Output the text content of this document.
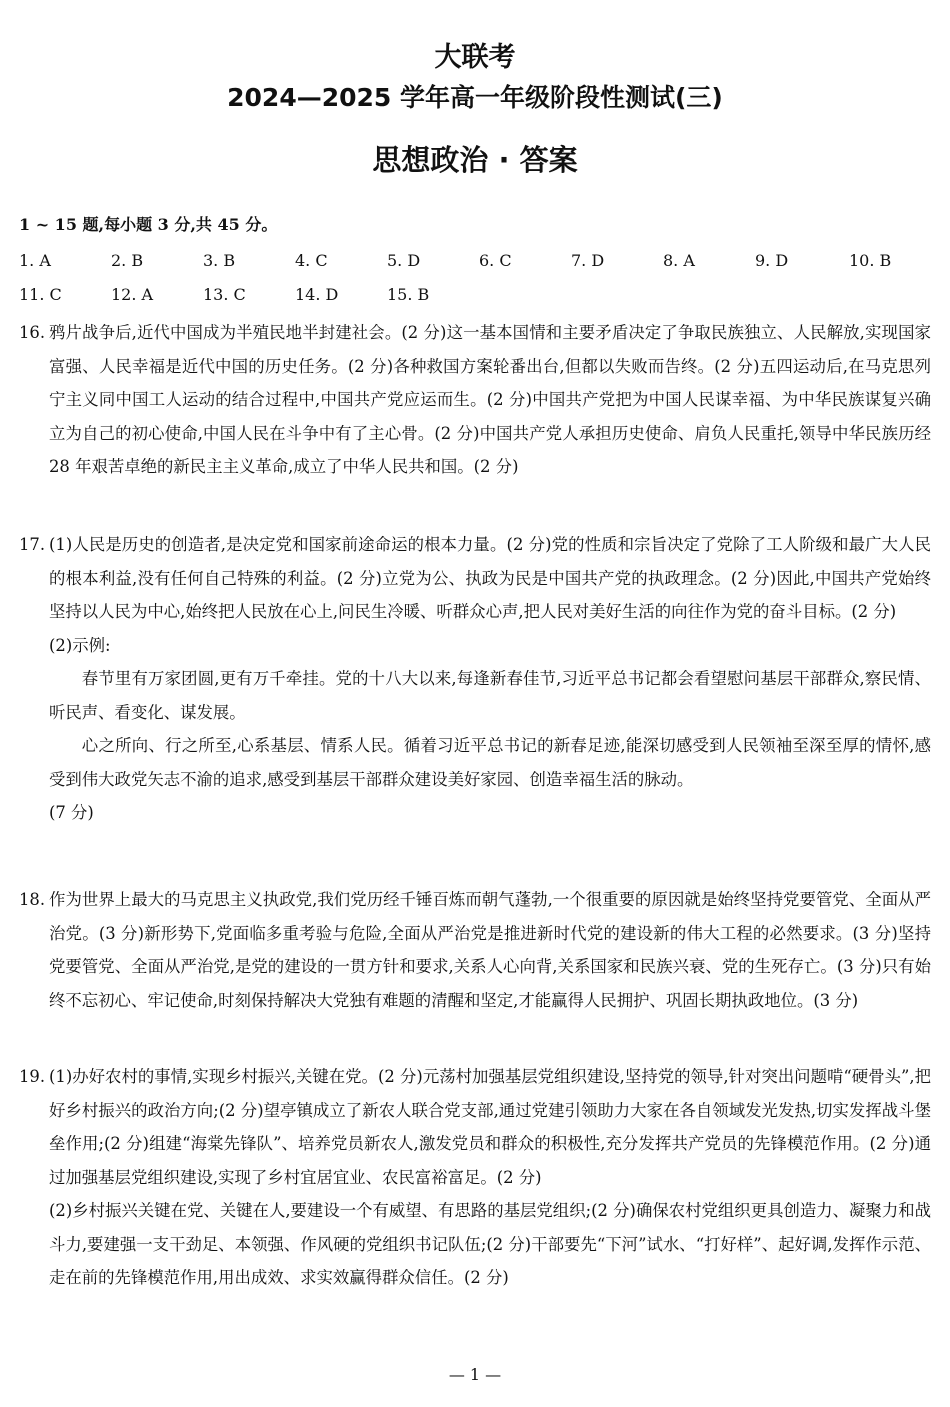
大联考
2024—2025 学年高一年级阶段性测试(三)
思想政治 · 答案
1 ~ 15 题,每小题 3 分,共 45 分。
1. A	2. B	3. B	4. C	5. D	6. C	7. D	8. A	9. D	10. B
11. C	12. A	13. C	14. D	15. B
16. 鸦片战争后,近代中国成为半殖民地半封建社会。(2 分)这一基本国情和主要矛盾决定了争取民族独立、人民解放,实现国家富强、人民幸福是近代中国的历史任务。(2 分)各种救国方案轮番出台,但都以失败而告终。(2 分)五四运动后,在马克思列宁主义同中国工人运动的结合过程中,中国共产党应运而生。(2 分)中国共产党把为中国人民谋幸福、为中华民族谋复兴确立为自己的初心使命,中国人民在斗争中有了主心骨。(2 分)中国共产党人承担历史使命、肩负人民重托,领导中华民族历经 28 年艰苦卓绝的新民主主义革命,成立了中华人民共和国。(2 分)
17. (1)人民是历史的创造者,是决定党和国家前途命运的根本力量。(2 分)党的性质和宗旨决定了党除了工人阶级和最广大人民的根本利益,没有任何自己特殊的利益。(2 分)立党为公、执政为民是中国共产党的执政理念。(2 分)因此,中国共产党始终坚持以人民为中心,始终把人民放在心上,问民生冷暖、听群众心声,把人民对美好生活的向往作为党的奋斗目标。(2 分)
(2)示例:
春节里有万家团圆,更有万千牵挂。党的十八大以来,每逢新春佳节,习近平总书记都会看望慰问基层干部群众,察民情、听民声、看变化、谋发展。
心之所向、行之所至,心系基层、情系人民。循着习近平总书记的新春足迹,能深切感受到人民领袖至深至厚的情怀,感受到伟大政党矢志不渝的追求,感受到基层干部群众建设美好家园、创造幸福生活的脉动。
(7 分)
18. 作为世界上最大的马克思主义执政党,我们党历经千锤百炼而朝气蓬勃,一个很重要的原因就是始终坚持党要管党、全面从严治党。(3 分)新形势下,党面临多重考验与危险,全面从严治党是推进新时代党的建设新的伟大工程的必然要求。(3 分)坚持党要管党、全面从严治党,是党的建设的一贯方针和要求,关系人心向背,关系国家和民族兴衰、党的生死存亡。(3 分)只有始终不忘初心、牢记使命,时刻保持解决大党独有难题的清醒和坚定,才能赢得人民拥护、巩固长期执政地位。(3 分)
19. (1)办好农村的事情,实现乡村振兴,关键在党。(2 分)元荡村加强基层党组织建设,坚持党的领导,针对突出问题啃“硬骨头”,把好乡村振兴的政治方向;(2 分)望亭镇成立了新农人联合党支部,通过党建引领助力大家在各自领域发光发热,切实发挥战斗堡垒作用;(2 分)组建“海棠先锋队”、培养党员新农人,激发党员和群众的积极性,充分发挥共产党员的先锋模范作用。(2 分)通过加强基层党组织建设,实现了乡村宜居宜业、农民富裕富足。(2 分)
(2)乡村振兴关键在党、关键在人,要建设一个有威望、有思路的基层党组织;(2 分)确保农村党组织更具创造力、凝聚力和战斗力,要建强一支干劲足、本领强、作风硬的党组织书记队伍;(2 分)干部要先“下河”试水、“打好样”、起好调,发挥作示范、走在前的先锋模范作用,用出成效、求实效赢得群众信任。(2 分)
— 1 —
